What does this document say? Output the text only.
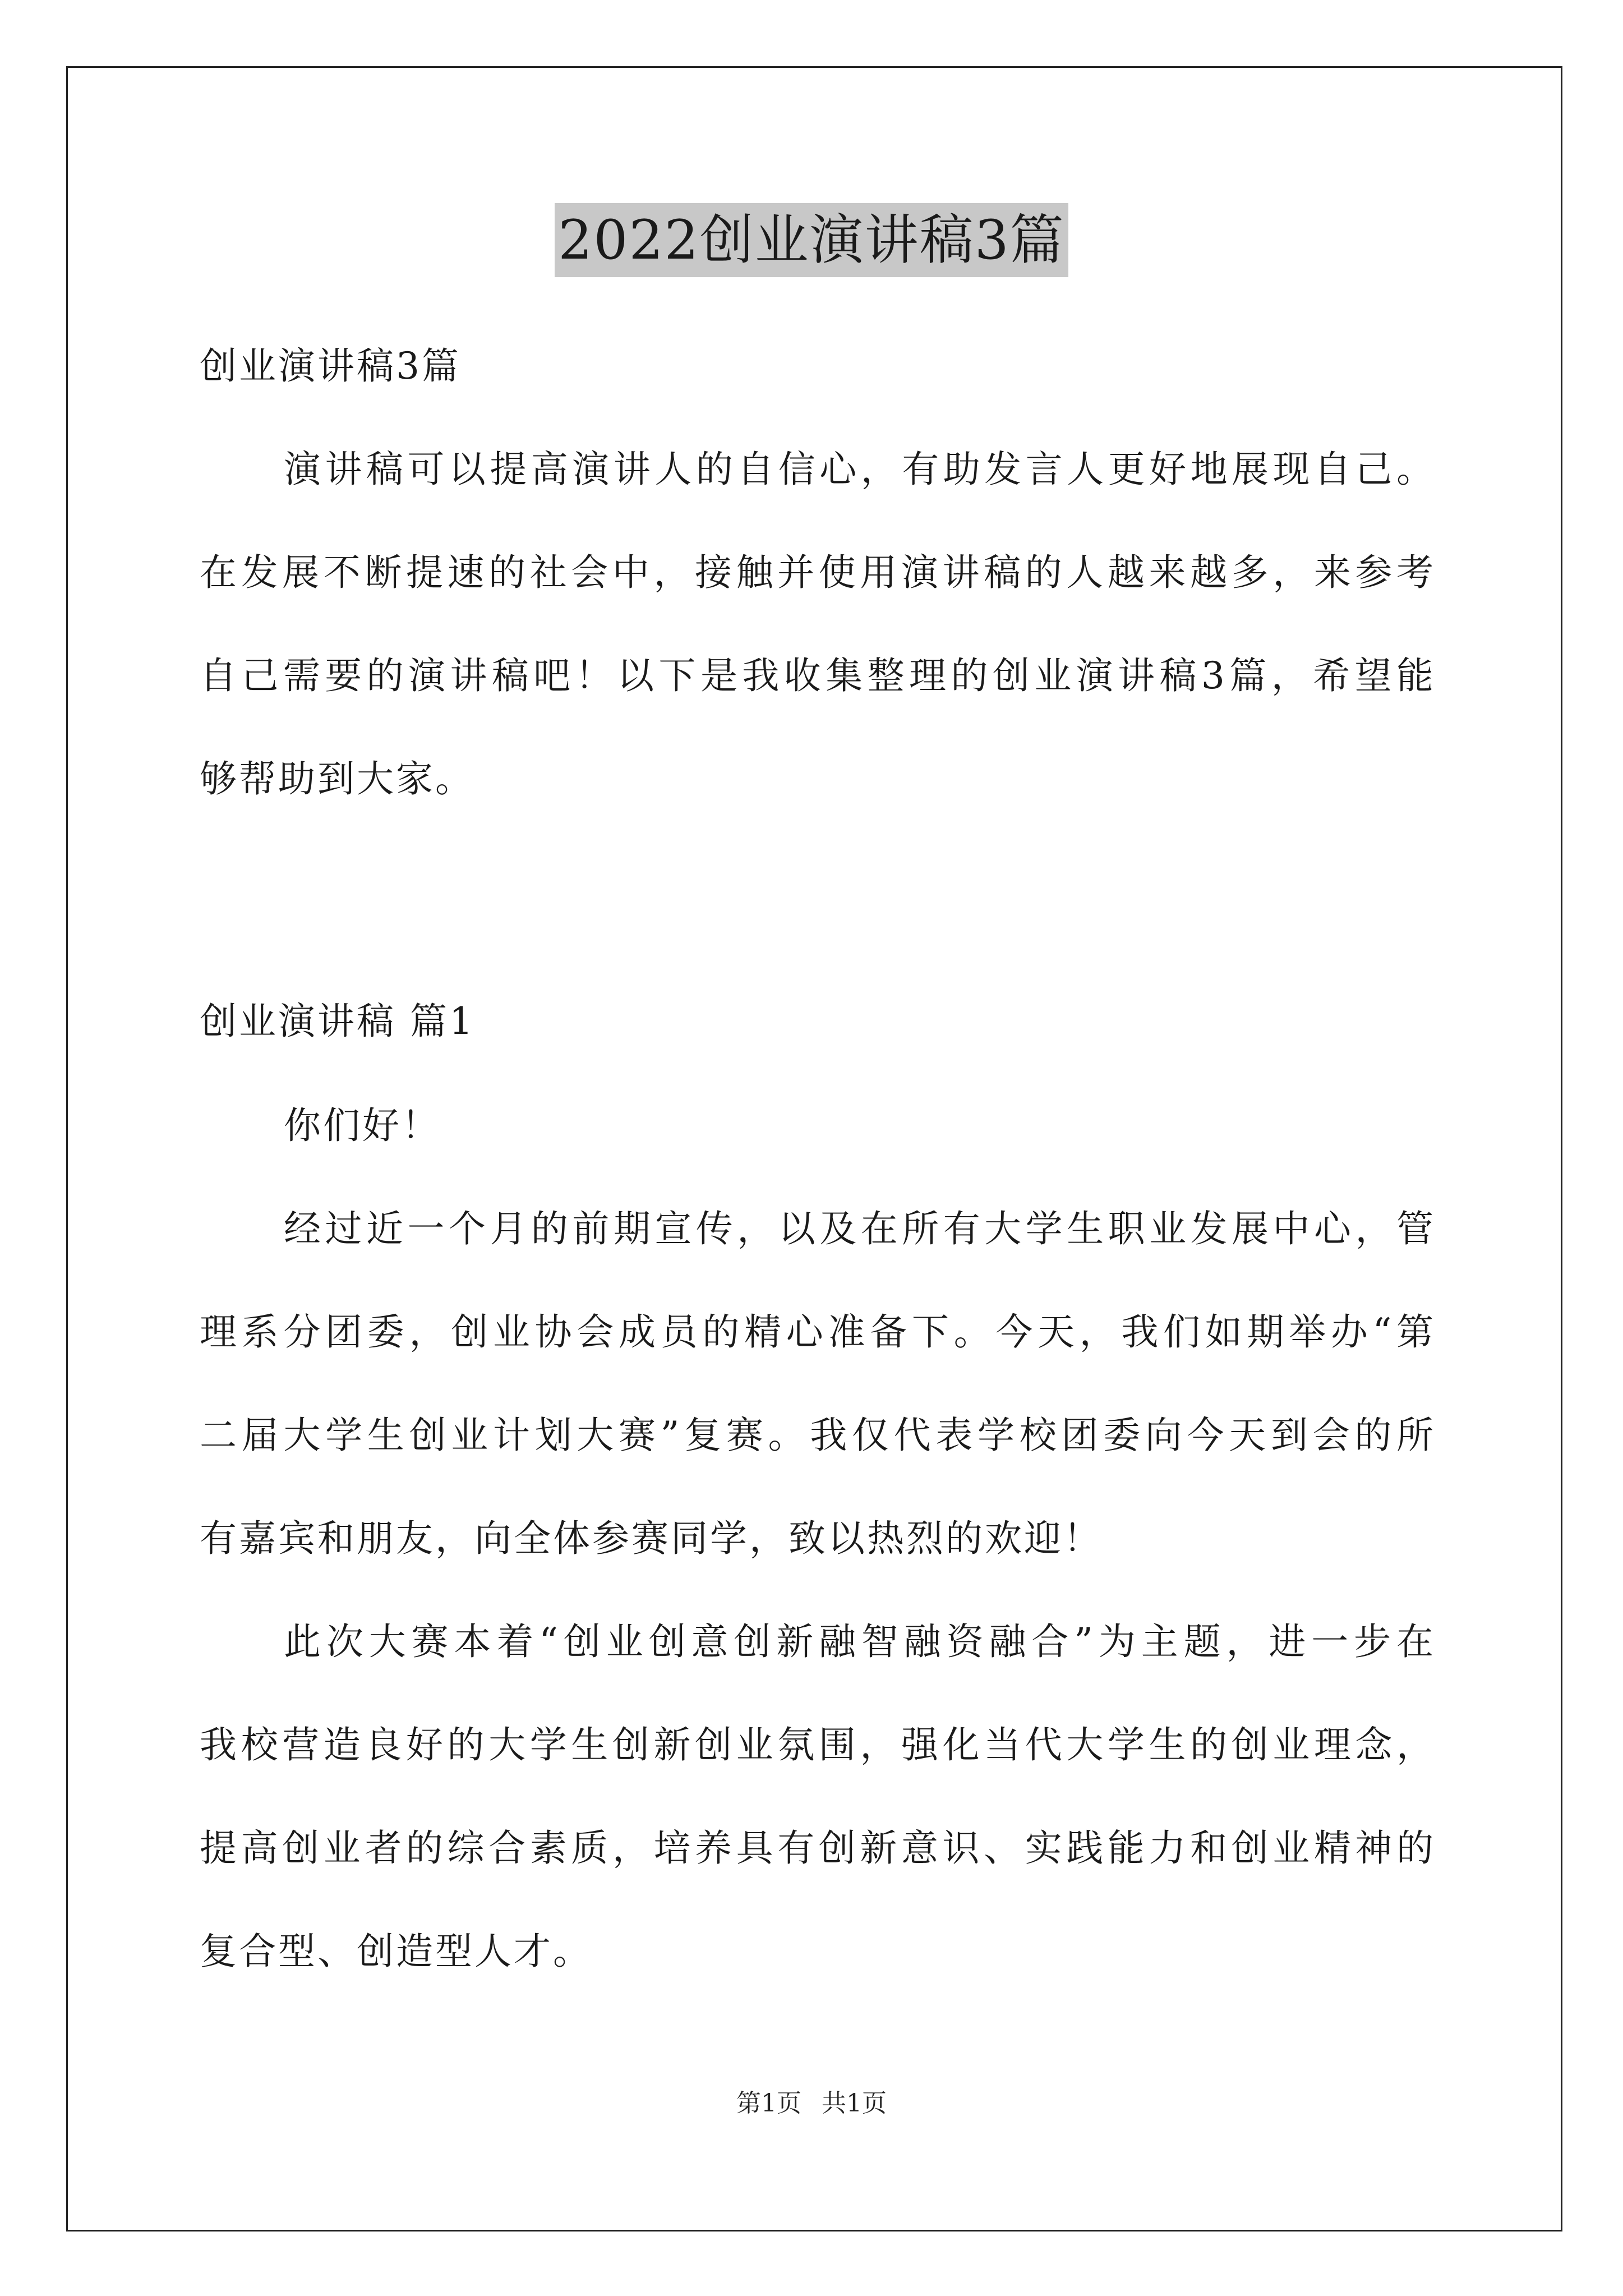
2022创业演讲稿3篇
创业演讲稿3篇
演讲稿可以提高演讲人的自信心，有助发言人更好地展现自己。
在发展不断提速的社会中，接触并使用演讲稿的人越来越多，来参考
自己需要的演讲稿吧！以下是我收集整理的创业演讲稿3篇，希望能
够帮助到大家。
创业演讲稿 篇1
你们好！
经过近一个月的前期宣传，以及在所有大学生职业发展中心，管
理系分团委，创业协会成员的精心准备下。今天，我们如期举办“第
二届大学生创业计划大赛”复赛。我仅代表学校团委向今天到会的所
有嘉宾和朋友，向全体参赛同学，致以热烈的欢迎！
此次大赛本着“创业创意创新融智融资融合”为主题，进一步在
我校营造良好的大学生创新创业氛围，强化当代大学生的创业理念，
提高创业者的综合素质，培养具有创新意识、实践能力和创业精神的
复合型、创造型人才。
第1页 共1页
